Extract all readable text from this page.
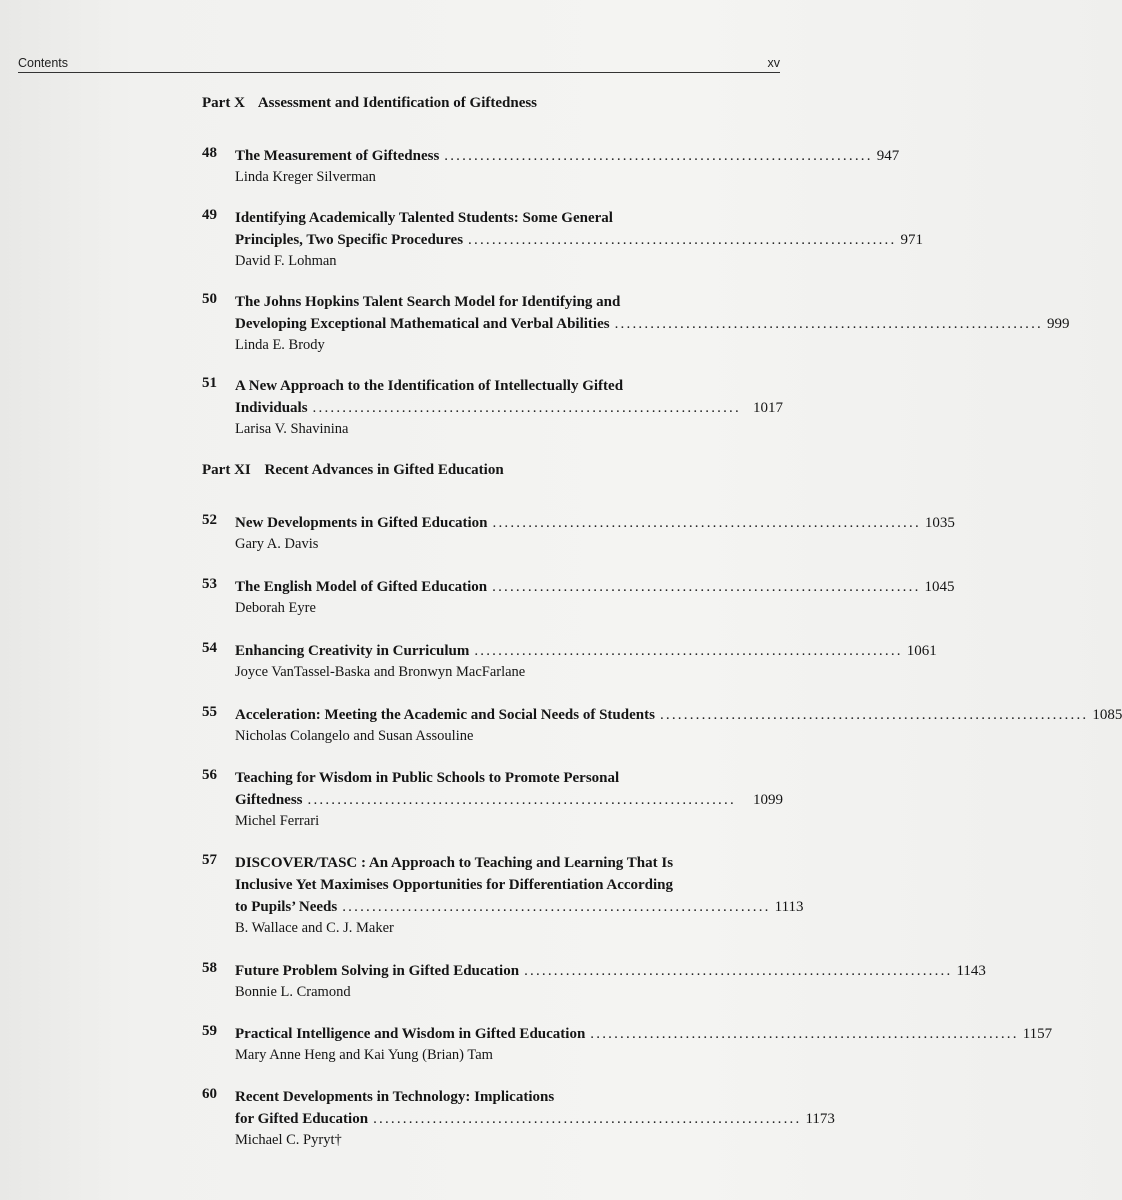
Contents	xv
Part X Assessment and Identification of Giftedness
48 The Measurement of Giftedness ........................................................................ 947
Linda Kreger Silverman
49 Identifying Academically Talented Students: Some General
Principles, Two Specific Procedures ........................................................................ 971
David F. Lohman
50 The Johns Hopkins Talent Search Model for Identifying and
Developing Exceptional Mathematical and Verbal Abilities ........................................................................ 999
Linda E. Brody
51 A New Approach to the Identification of Intellectually Gifted
Individuals ........................................................................ 1017
Larisa V. Shavinina
Part XI Recent Advances in Gifted Education
52 New Developments in Gifted Education ........................................................................ 1035
Gary A. Davis
53 The English Model of Gifted Education ........................................................................ 1045
Deborah Eyre
54 Enhancing Creativity in Curriculum ........................................................................ 1061
Joyce VanTassel-Baska and Bronwyn MacFarlane
55 Acceleration: Meeting the Academic and Social Needs of Students ........................................................................ 1085
Nicholas Colangelo and Susan Assouline
56 Teaching for Wisdom in Public Schools to Promote Personal
Giftedness ........................................................................	1099
Michel Ferrari
57 DISCOVER/TASC : An Approach to Teaching and Learning That Is
Inclusive Yet Maximises Opportunities for Differentiation According
to Pupils’ Needs ........................................................................ 1113
B. Wallace and C. J. Maker
58 Future Problem Solving in Gifted Education ........................................................................ 1143
Bonnie L. Cramond
59 Practical Intelligence and Wisdom in Gifted Education ........................................................................ 1157
Mary Anne Heng and Kai Yung (Brian) Tam
60 Recent Developments in Technology: Implications
for Gifted Education ........................................................................ 1173
Michael C. Pyryt†
